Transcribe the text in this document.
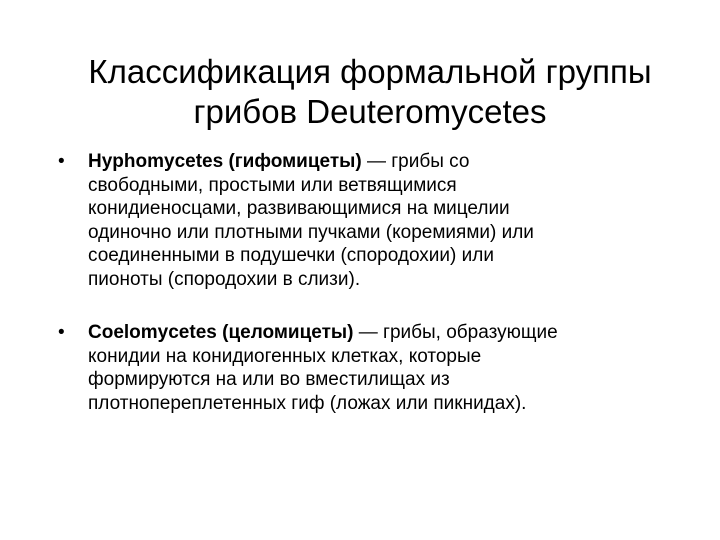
Классификация формальной группы
грибов Deuteromycetes
• Hyphomycetes (гифомицеты) — грибы со
свободными, простыми или ветвящимися
конидиеносцами, развивающимися на мицелии
одиночно или плотными пучками (коремиями) или
соединенными в подушечки (спородохии) или
пионоты (спородохии в слизи).
• Coelomycetes (целомицеты) — грибы, образующие
конидии на конидиогенных клетках, которые
формируются на или во вместилищах из
плотнопереплетенных гиф (ложах или пикнидах).
